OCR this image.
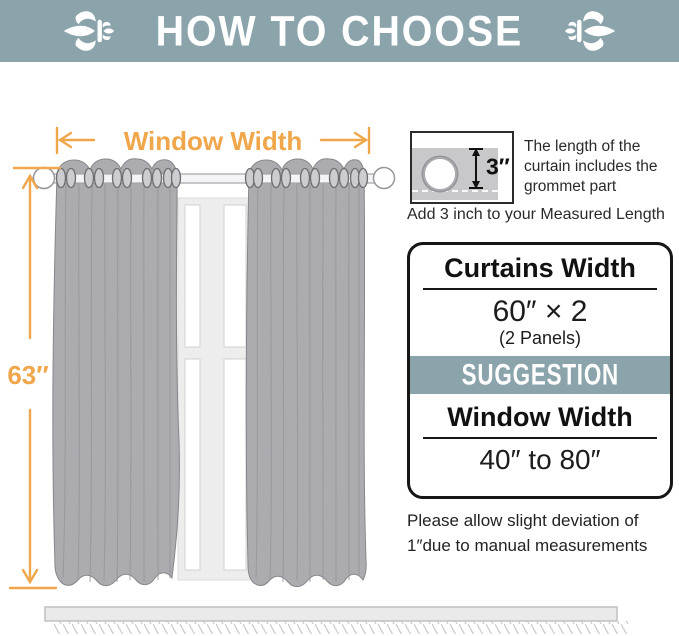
HOW TO CHOOSE
Window Width
63″
3″
The length of the curtain includes the grommet part
Add 3 inch to your Measured Length
Curtains Width
60″ × 2
(2 Panels)
SUGGESTION
Window Width
40″ to 80″
Please allow slight deviation of 1″due to manual measurements
